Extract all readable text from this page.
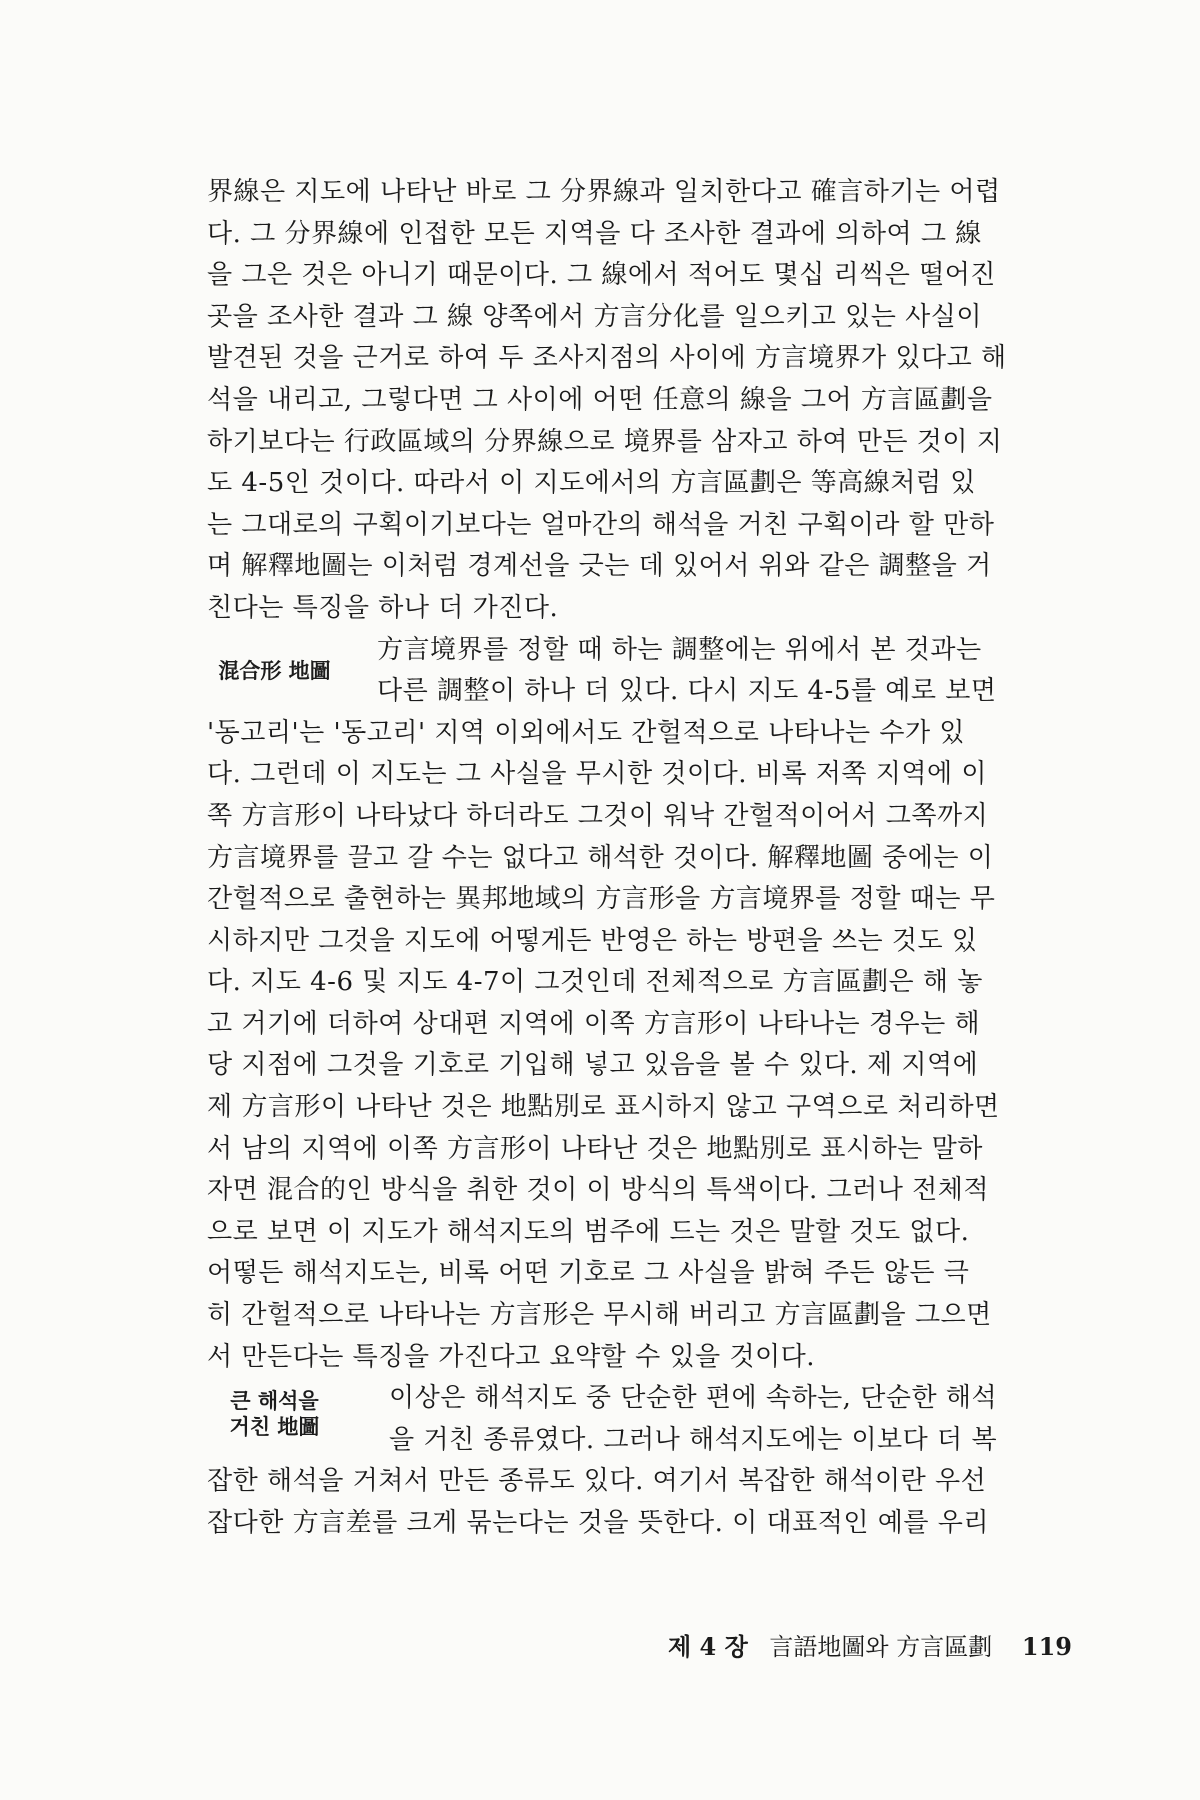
界線은 지도에 나타난 바로 그 分界線과 일치한다고 確言하기는 어렵
다. 그 分界線에 인접한 모든 지역을 다 조사한 결과에 의하여 그 線
을 그은 것은 아니기 때문이다. 그 線에서 적어도 몇십 리씩은 떨어진
곳을 조사한 결과 그 線 양쪽에서 方言分化를 일으키고 있는 사실이
발견된 것을 근거로 하여 두 조사지점의 사이에 方言境界가 있다고 해
석을 내리고, 그렇다면 그 사이에 어떤 任意의 線을 그어 方言區劃을
하기보다는 行政區域의 分界線으로 境界를 삼자고 하여 만든 것이 지
도 4-5인 것이다. 따라서 이 지도에서의 方言區劃은 等高線처럼 있
는 그대로의 구획이기보다는 얼마간의 해석을 거친 구획이라 할 만하
며 解釋地圖는 이처럼 경계선을 긋는 데 있어서 위와 같은 調整을 거
친다는 특징을 하나 더 가진다.
混合形 地圖
方言境界를 정할 때 하는 調整에는 위에서 본 것과는
다른 調整이 하나 더 있다. 다시 지도 4-5를 예로 보면
'동고리'는 '동고리' 지역 이외에서도 간헐적으로 나타나는 수가 있
다. 그런데 이 지도는 그 사실을 무시한 것이다. 비록 저쪽 지역에 이
쪽 方言形이 나타났다 하더라도 그것이 워낙 간헐적이어서 그쪽까지
方言境界를 끌고 갈 수는 없다고 해석한 것이다. 解釋地圖 중에는 이
간헐적으로 출현하는 異邦地域의 方言形을 方言境界를 정할 때는 무
시하지만 그것을 지도에 어떻게든 반영은 하는 방편을 쓰는 것도 있
다. 지도 4-6 및 지도 4-7이 그것인데 전체적으로 方言區劃은 해 놓
고 거기에 더하여 상대편 지역에 이쪽 方言形이 나타나는 경우는 해
당 지점에 그것을 기호로 기입해 넣고 있음을 볼 수 있다. 제 지역에
제 方言形이 나타난 것은 地點別로 표시하지 않고 구역으로 처리하면
서 남의 지역에 이쪽 方言形이 나타난 것은 地點別로 표시하는 말하
자면 混合的인 방식을 취한 것이 이 방식의 특색이다. 그러나 전체적
으로 보면 이 지도가 해석지도의 범주에 드는 것은 말할 것도 없다.
어떻든 해석지도는, 비록 어떤 기호로 그 사실을 밝혀 주든 않든 극
히 간헐적으로 나타나는 方言形은 무시해 버리고 方言區劃을 그으면
서 만든다는 특징을 가진다고 요약할 수 있을 것이다.
큰 해석을
거친 地圖
이상은 해석지도 중 단순한 편에 속하는, 단순한 해석
을 거친 종류였다. 그러나 해석지도에는 이보다 더 복
잡한 해석을 거쳐서 만든 종류도 있다. 여기서 복잡한 해석이란 우선
잡다한 方言差를 크게 묶는다는 것을 뜻한다. 이 대표적인 예를 우리
제 4 장 言語地圖와 方言區劃 119
